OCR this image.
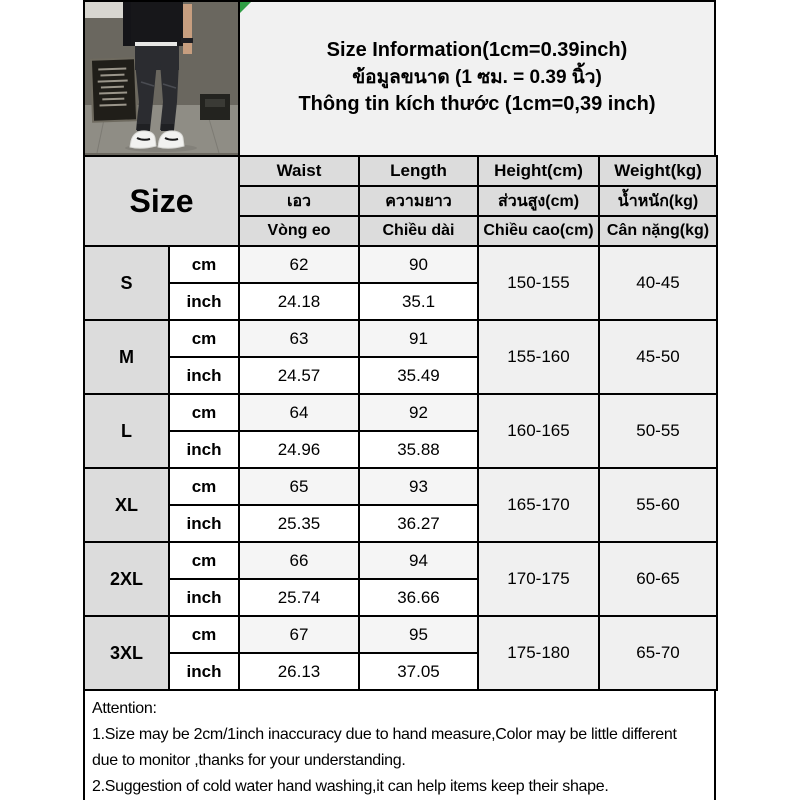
Size Information(1cm=0.39inch)
ข้อมูลขนาด (1 ซม. = 0.39 นิ้ว)
Thông tin kích thước (1cm=0,39 inch)
Size		Waist	Length	Height(cm)	Weight(kg)
		เอว	ความยาว	ส่วนสูง(cm)	น้ำหนัก(kg)
		Vòng eo	Chiều dài	Chiều cao(cm)	Cân nặng(kg)
S	cm	62	90	150-155	40-45
	inch	24.18	35.1		
M	cm	63	91	155-160	45-50
	inch	24.57	35.49		
L	cm	64	92	160-165	50-55
	inch	24.96	35.88		
XL	cm	65	93	165-170	55-60
	inch	25.35	36.27		
2XL	cm	66	94	170-175	60-65
	inch	25.74	36.66		
3XL	cm	67	95	175-180	65-70
	inch	26.13	37.05		
Attention:
1.Size may be 2cm/1inch inaccuracy due to hand measure,Color may be little different
due to monitor ,thanks for your understanding.
2.Suggestion of cold water hand washing,it can help items keep their shape.
